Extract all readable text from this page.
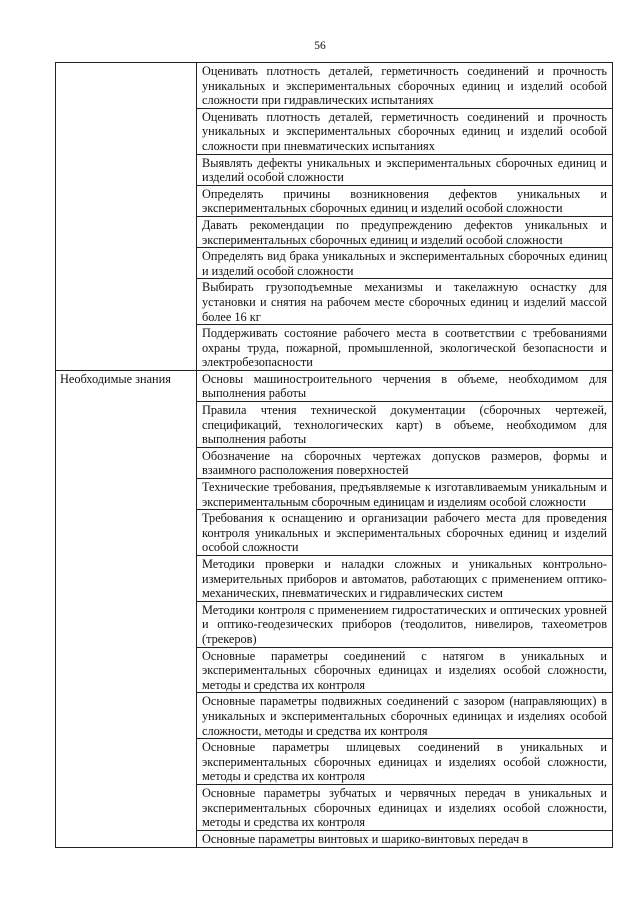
56
	Оценивать плотность деталей, герметичность соединений и прочность уникальных и экспериментальных сборочных единиц и изделий особой сложности при гидравлических испытаниях
	Оценивать плотность деталей, герметичность соединений и прочность уникальных и экспериментальных сборочных единиц и изделий особой сложности при пневматических испытаниях
	Выявлять дефекты уникальных и экспериментальных сборочных единиц и изделий особой сложности
	Определять причины возникновения дефектов уникальных и экспериментальных сборочных единиц и изделий особой сложности
	Давать рекомендации по предупреждению дефектов уникальных и экспериментальных сборочных единиц и изделий особой сложности
	Определять вид брака уникальных и экспериментальных сборочных единиц и изделий особой сложности
	Выбирать грузоподъемные механизмы и такелажную оснастку для установки и снятия на рабочем месте сборочных единиц и изделий массой более 16 кг
	Поддерживать состояние рабочего места в соответствии с требованиями охраны труда, пожарной, промышленной, экологической безопасности и электробезопасности
Необходимые знания	Основы машиностроительного черчения в объеме, необходимом для выполнения работы
	Правила чтения технической документации (сборочных чертежей, спецификаций, технологических карт) в объеме, необходимом для выполнения работы
	Обозначение на сборочных чертежах допусков размеров, формы и взаимного расположения поверхностей
	Технические требования, предъявляемые к изготавливаемым уникальным и экспериментальным сборочным единицам и изделиям особой сложности
	Требования к оснащению и организации рабочего места для проведения контроля уникальных и экспериментальных сборочных единиц и изделий особой сложности
	Методики проверки и наладки сложных и уникальных контрольно-измерительных приборов и автоматов, работающих с применением оптико-механических, пневматических и гидравлических систем
	Методики контроля с применением гидростатических и оптических уровней и оптико-геодезических приборов (теодолитов, нивелиров, тахеометров (трекеров)
	Основные параметры соединений с натягом в уникальных и экспериментальных сборочных единицах и изделиях особой сложности, методы и средства их контроля
	Основные параметры подвижных соединений с зазором (направляющих) в уникальных и экспериментальных сборочных единицах и изделиях особой сложности, методы и средства их контроля
	Основные параметры шлицевых соединений в уникальных и экспериментальных сборочных единицах и изделиях особой сложности, методы и средства их контроля
	Основные параметры зубчатых и червячных передач в уникальных и экспериментальных сборочных единицах и изделиях особой сложности, методы и средства их контроля
	Основные параметры винтовых и шарико-винтовых передач в
